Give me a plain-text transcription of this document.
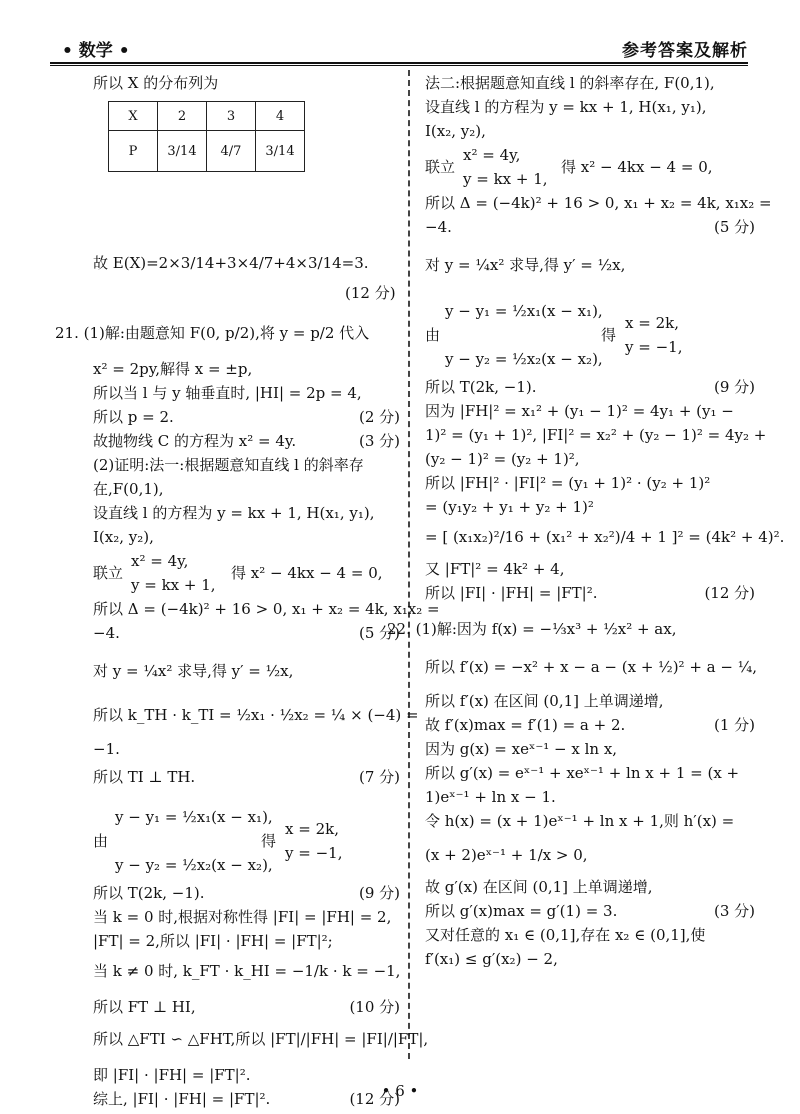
• 数学 •	参考答案及解析
X	2	3	4
P	3/14	4/7	3/14
所以 X 的分布列为
故 E(X)=2×3/14+3×4/7+4×3/14=3.
(12 分)
21. (1)解:由题意知 F(0, p/2),将 y = p/2 代入
x² = 2py,解得 x = ±p,
所以当 l 与 y 轴垂直时, |HI| = 2p = 4,
所以 p = 2.
故抛物线 C 的方程为 x² = 4y.
(2)证明:法一:根据题意知直线 l 的斜率存
在,F(0,1),
设直线 l 的方程为 y = kx + 1, H(x₁, y₁),
I(x₂, y₂),
联立
x² = 4y,
y = kx + 1,
得 x² − 4kx − 4 = 0,
所以 Δ = (−4k)² + 16 > 0, x₁ + x₂ = 4k, x₁x₂ =
−4.
对 y = ¼x² 求导,得 y′ = ½x,
所以 k_TH · k_TI = ½x₁ · ½x₂ = ¼ × (−4) =
−1.
所以 TI ⊥ TH.
y − y₁ = ½x₁(x − x₁),
由	得
x = 2k,
y = −1,
y − y₂ = ½x₂(x − x₂),
所以 T(2k, −1).
当 k = 0 时,根据对称性得 |FI| = |FH| = 2,
|FT| = 2,所以 |FI| · |FH| = |FT|²;
当 k ≠ 0 时, k_FT · k_HI = −1/k · k = −1,
所以 FT ⊥ HI,
所以 △FTI ∽ △FHT,所以 |FT|/|FH| = |FI|/|FT|,
即 |FI| · |FH| = |FT|².
综上, |FI| · |FH| = |FT|².
(2 分)
(3 分)
(5 分)
(7 分)
(9 分)
(10 分)
(12 分)
法二:根据题意知直线 l 的斜率存在, F(0,1),
设直线 l 的方程为 y = kx + 1, H(x₁, y₁),
I(x₂, y₂),
联立
x² = 4y,
y = kx + 1,
得 x² − 4kx − 4 = 0,
所以 Δ = (−4k)² + 16 > 0, x₁ + x₂ = 4k, x₁x₂ =
−4.
对 y = ¼x² 求导,得 y′ = ½x,
y − y₁ = ½x₁(x − x₁),
由	得
x = 2k,
y = −1,
y − y₂ = ½x₂(x − x₂),
所以 T(2k, −1).
因为 |FH|² = x₁² + (y₁ − 1)² = 4y₁ + (y₁ −
1)² = (y₁ + 1)², |FI|² = x₂² + (y₂ − 1)² = 4y₂ +
(y₂ − 1)² = (y₂ + 1)²,
所以 |FH|² · |FI|² = (y₁ + 1)² · (y₂ + 1)²
= (y₁y₂ + y₁ + y₂ + 1)²
= [ (x₁x₂)²/16 + (x₁² + x₂²)/4 + 1 ]² = (4k² + 4)².
又 |FT|² = 4k² + 4,
所以 |FI| · |FH| = |FT|².
22. (1)解:因为 f(x) = −⅓x³ + ½x² + ax,
所以 f′(x) = −x² + x − a − (x + ½)² + a − ¼,
所以 f′(x) 在区间 (0,1] 上单调递增,
故 f′(x)max = f′(1) = a + 2.
因为 g(x) = xeˣ⁻¹ − x ln x,
所以 g′(x) = eˣ⁻¹ + xeˣ⁻¹ + ln x + 1 = (x +
1)eˣ⁻¹ + ln x − 1.
令 h(x) = (x + 1)eˣ⁻¹ + ln x + 1,则 h′(x) =
(x + 2)eˣ⁻¹ + 1/x > 0,
故 g′(x) 在区间 (0,1] 上单调递增,
所以 g′(x)max = g′(1) = 3.
又对任意的 x₁ ∈ (0,1],存在 x₂ ∈ (0,1],使
f′(x₁) ≤ g′(x₂) − 2,
(5 分)
(9 分)
(12 分)
(1 分)
(3 分)
• 6 •
